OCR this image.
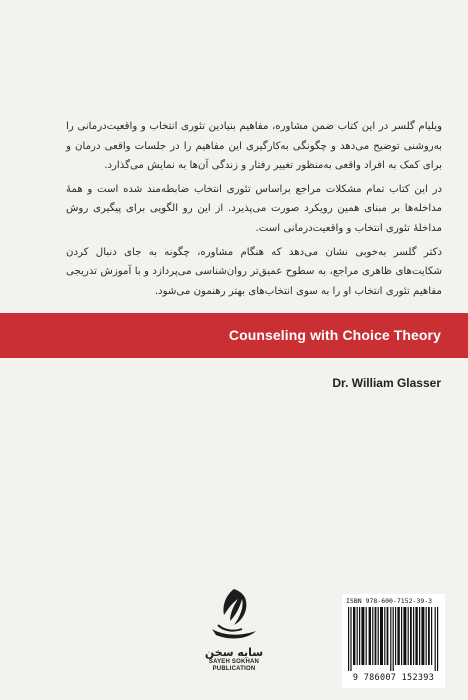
ویلیام گلسر در این کتاب ضمن مشاوره، مفاهیم بنیادین تئوری انتخاب و واقعیت‌درمانی را به‌روشنی توضیح می‌دهد و چگونگی به‌کارگیری این مفاهیم را در جلسات واقعی درمان و برای کمک به افراد واقعی به‌منظور تغییر رفتار و زندگی آن‌ها به نمایش می‌گذارد.

در این کتاب تمام مشکلات مراجع براساس تئوری انتخاب ضابطه‌مند شده است و همهٔ مداخله‌ها بر مبنای همین رویکرد صورت می‌پذیرد. از این رو الگویی برای پیگیری روش مداخلهٔ تئوری انتخاب و واقعیت‌درمانی است.

دکتر گلسر به‌خوبی نشان می‌دهد که هنگام مشاوره، چگونه به جای دنبال کردن شکایت‌های ظاهری مراجع، به سطوح عمیق‌تر روان‌شناسی می‌پردازد و با آموزش تدریجی مفاهیم تئوری انتخاب او را به سوی انتخاب‌های بهتر رهنمون می‌شود.

Counseling with Choice Theory
Dr. William Glasser
سایه سخن
SAYEH SOKHAN
PUBLICATION
ISBN 978-600-7152-39-3
9 786007 152393
